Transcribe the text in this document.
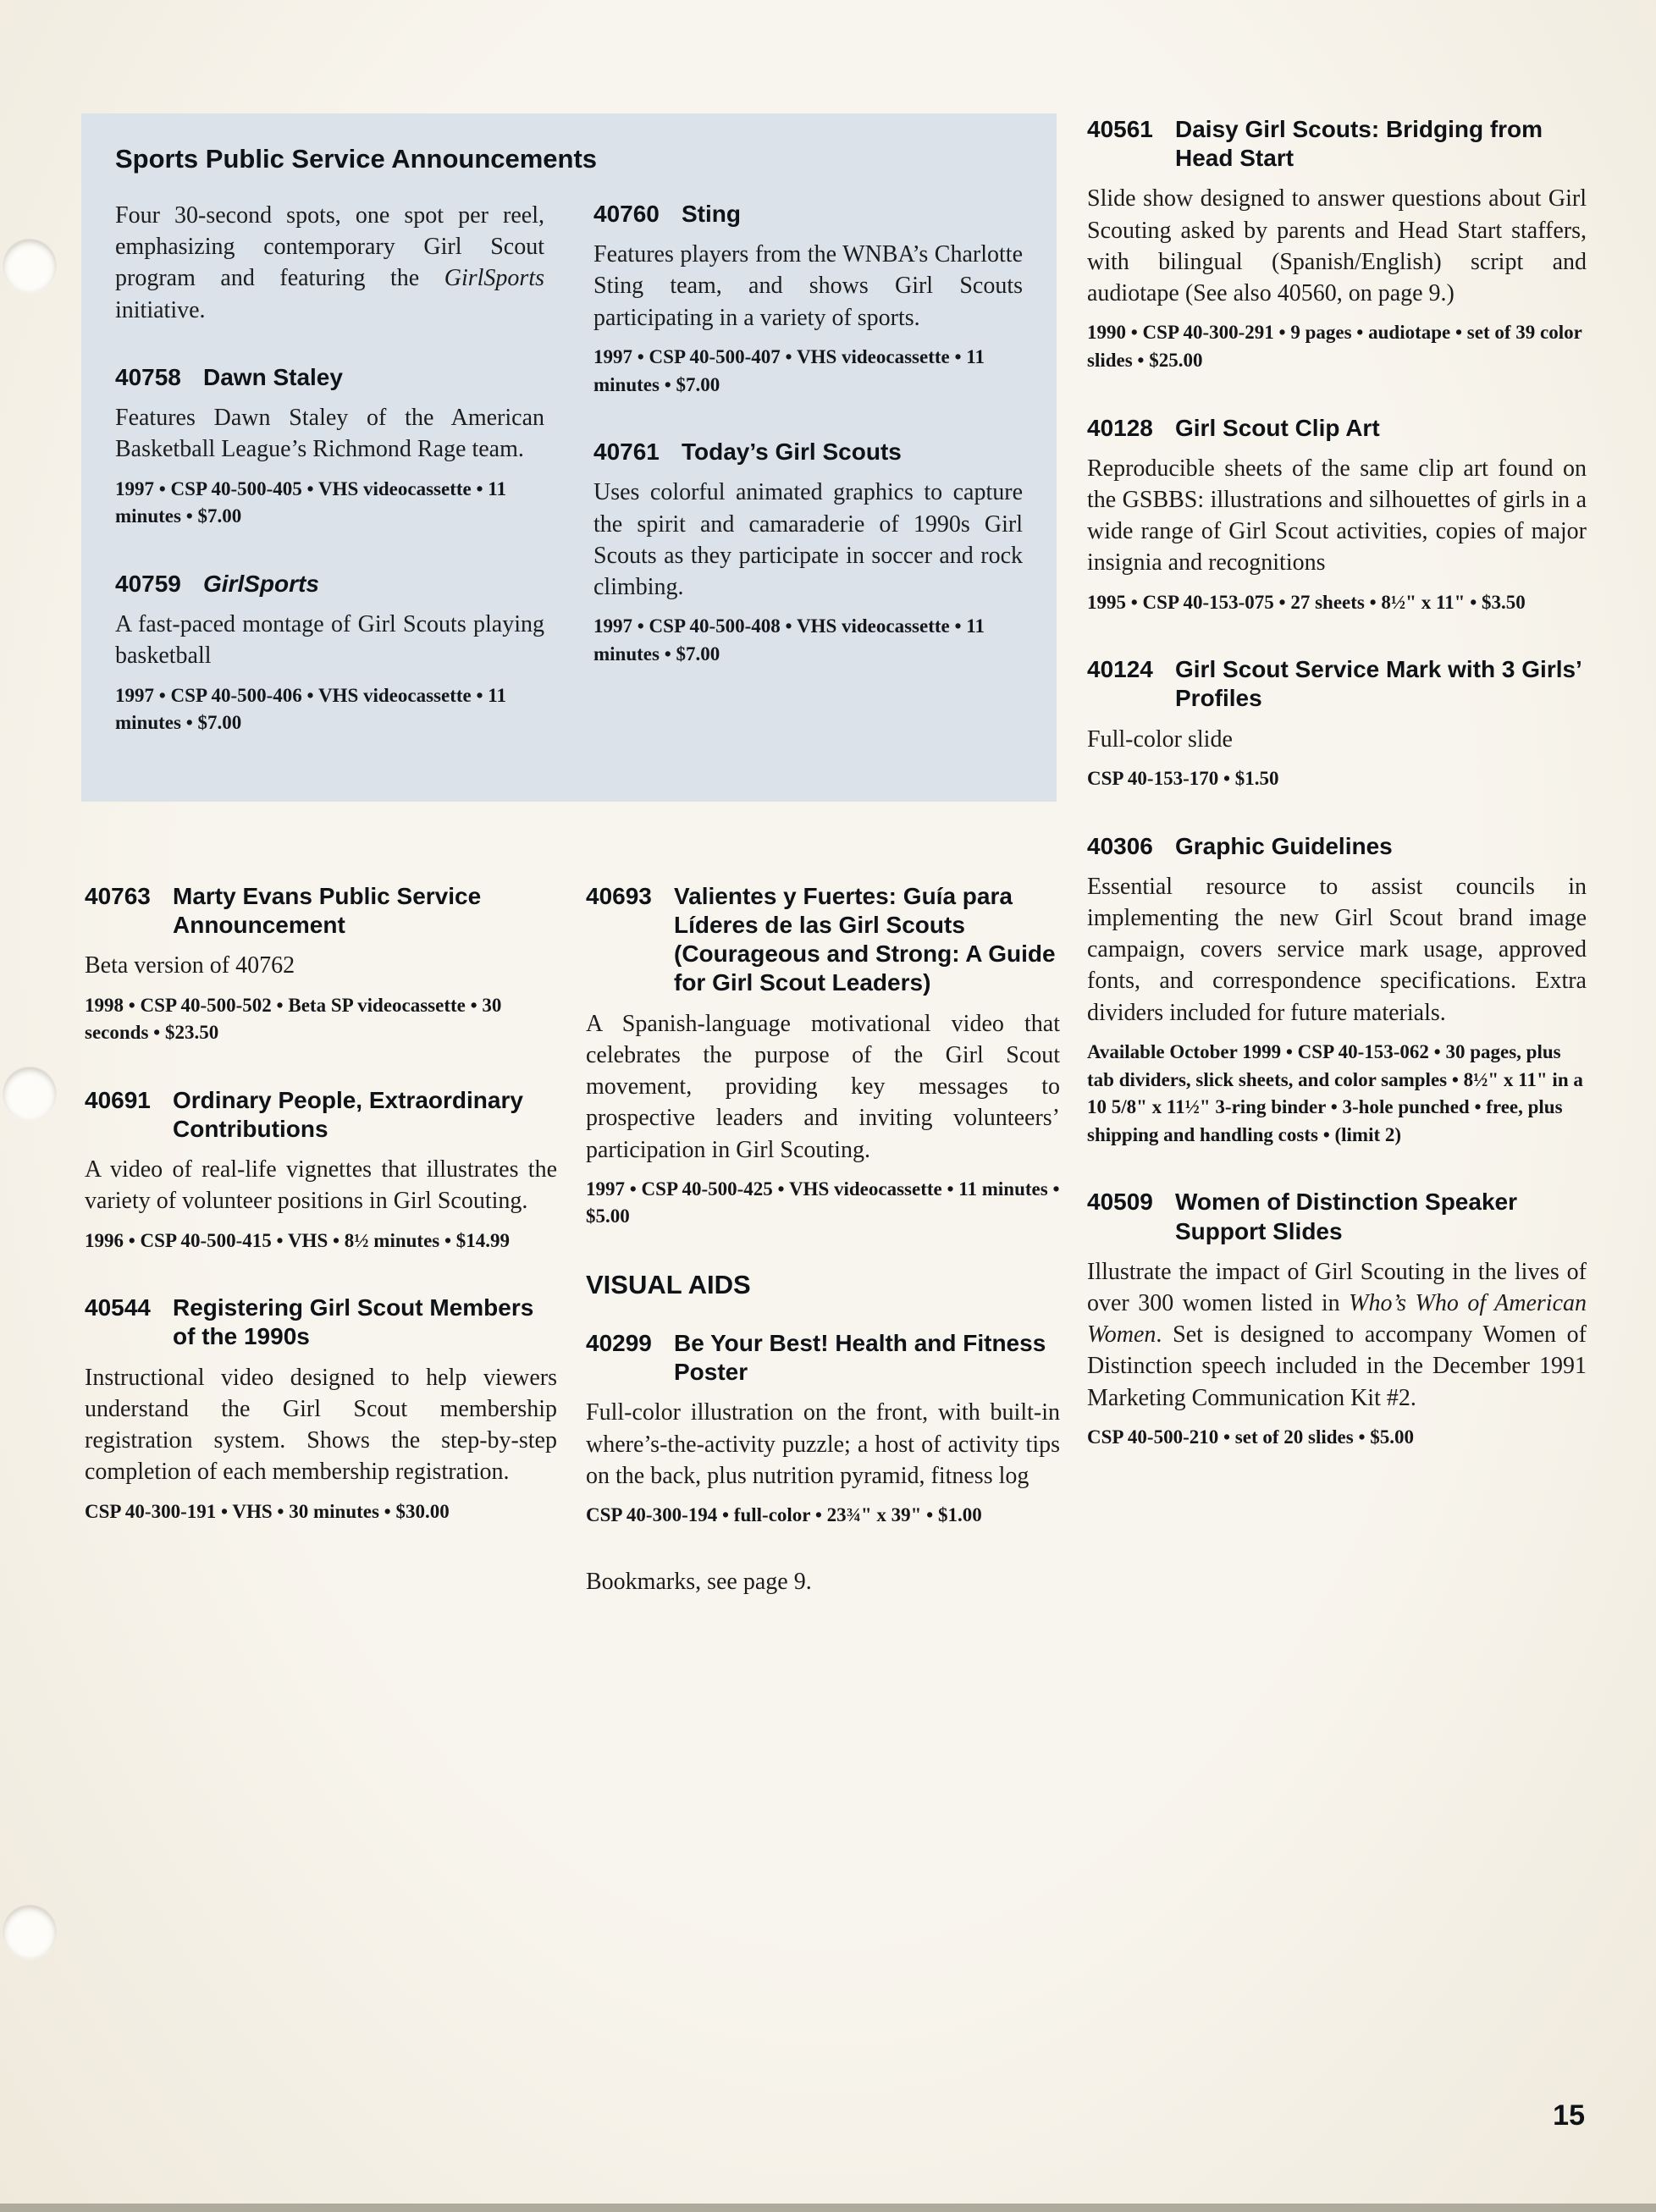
Sports Public Service Announcements

Four 30-second spots, one spot per reel, emphasizing contemporary Girl Scout program and featuring the GirlSports initiative.

40758 Dawn Staley

Features Dawn Staley of the American Basketball League’s Richmond Rage team.

1997 • CSP 40-500-405 • VHS videocassette • 11 minutes • $7.00

40759 GirlSports

A fast-paced montage of Girl Scouts playing basketball

1997 • CSP 40-500-406 • VHS videocassette • 11 minutes • $7.00

40760 Sting

Features players from the WNBA’s Charlotte Sting team, and shows Girl Scouts participating in a variety of sports.

1997 • CSP 40-500-407 • VHS videocassette • 11 minutes • $7.00

40761 Today’s Girl Scouts

Uses colorful animated graphics to capture the spirit and camaraderie of 1990s Girl Scouts as they participate in soccer and rock climbing.

1997 • CSP 40-500-408 • VHS videocassette • 11 minutes • $7.00

40763 Marty Evans Public Service Announcement

Beta version of 40762

1998 • CSP 40-500-502 • Beta SP videocassette • 30 seconds • $23.50

40691 Ordinary People, Extraordinary Contributions

A video of real-life vignettes that illustrates the variety of volunteer positions in Girl Scouting.

1996 • CSP 40-500-415 • VHS • 8½ minutes • $14.99

40544 Registering Girl Scout Members of the 1990s

Instructional video designed to help viewers understand the Girl Scout membership registration system. Shows the step-by-step completion of each membership registration.

CSP 40-300-191 • VHS • 30 minutes • $30.00

40693 Valientes y Fuertes: Guía para Líderes de las Girl Scouts (Courageous and Strong: A Guide for Girl Scout Leaders)

A Spanish-language motivational video that celebrates the purpose of the Girl Scout movement, providing key messages to prospective leaders and inviting volunteers’ participation in Girl Scouting.

1997 • CSP 40-500-425 • VHS videocassette • 11 minutes • $5.00

VISUAL AIDS
40299 Be Your Best! Health and Fitness Poster

Full-color illustration on the front, with built-in where’s-the-activity puzzle; a host of activity tips on the back, plus nutrition pyramid, fitness log

CSP 40-300-194 • full-color • 23¾" x 39" • $1.00

Bookmarks, see page 9.

40561 Daisy Girl Scouts: Bridging from Head Start

Slide show designed to answer questions about Girl Scouting asked by parents and Head Start staffers, with bilingual (Spanish/English) script and audiotape (See also 40560, on page 9.)

1990 • CSP 40-300-291 • 9 pages • audiotape • set of 39 color slides • $25.00

40128 Girl Scout Clip Art

Reproducible sheets of the same clip art found on the GSBBS: illustrations and silhouettes of girls in a wide range of Girl Scout activities, copies of major insignia and recognitions

1995 • CSP 40-153-075 • 27 sheets • 8½" x 11" • $3.50

40124 Girl Scout Service Mark with 3 Girls’ Profiles

Full-color slide

CSP 40-153-170 • $1.50

40306 Graphic Guidelines

Essential resource to assist councils in implementing the new Girl Scout brand image campaign, covers service mark usage, approved fonts, and correspondence specifications. Extra dividers included for future materials.

Available October 1999 • CSP 40-153-062 • 30 pages, plus tab dividers, slick sheets, and color samples • 8½" x 11" in a 10 5/8" x 11½" 3-ring binder • 3-hole punched • free, plus shipping and handling costs • (limit 2)

40509 Women of Distinction Speaker Support Slides

Illustrate the impact of Girl Scouting in the lives of over 300 women listed in Who’s Who of American Women. Set is designed to accompany Women of Distinction speech included in the December 1991 Marketing Communication Kit #2.

CSP 40-500-210 • set of 20 slides • $5.00

15
